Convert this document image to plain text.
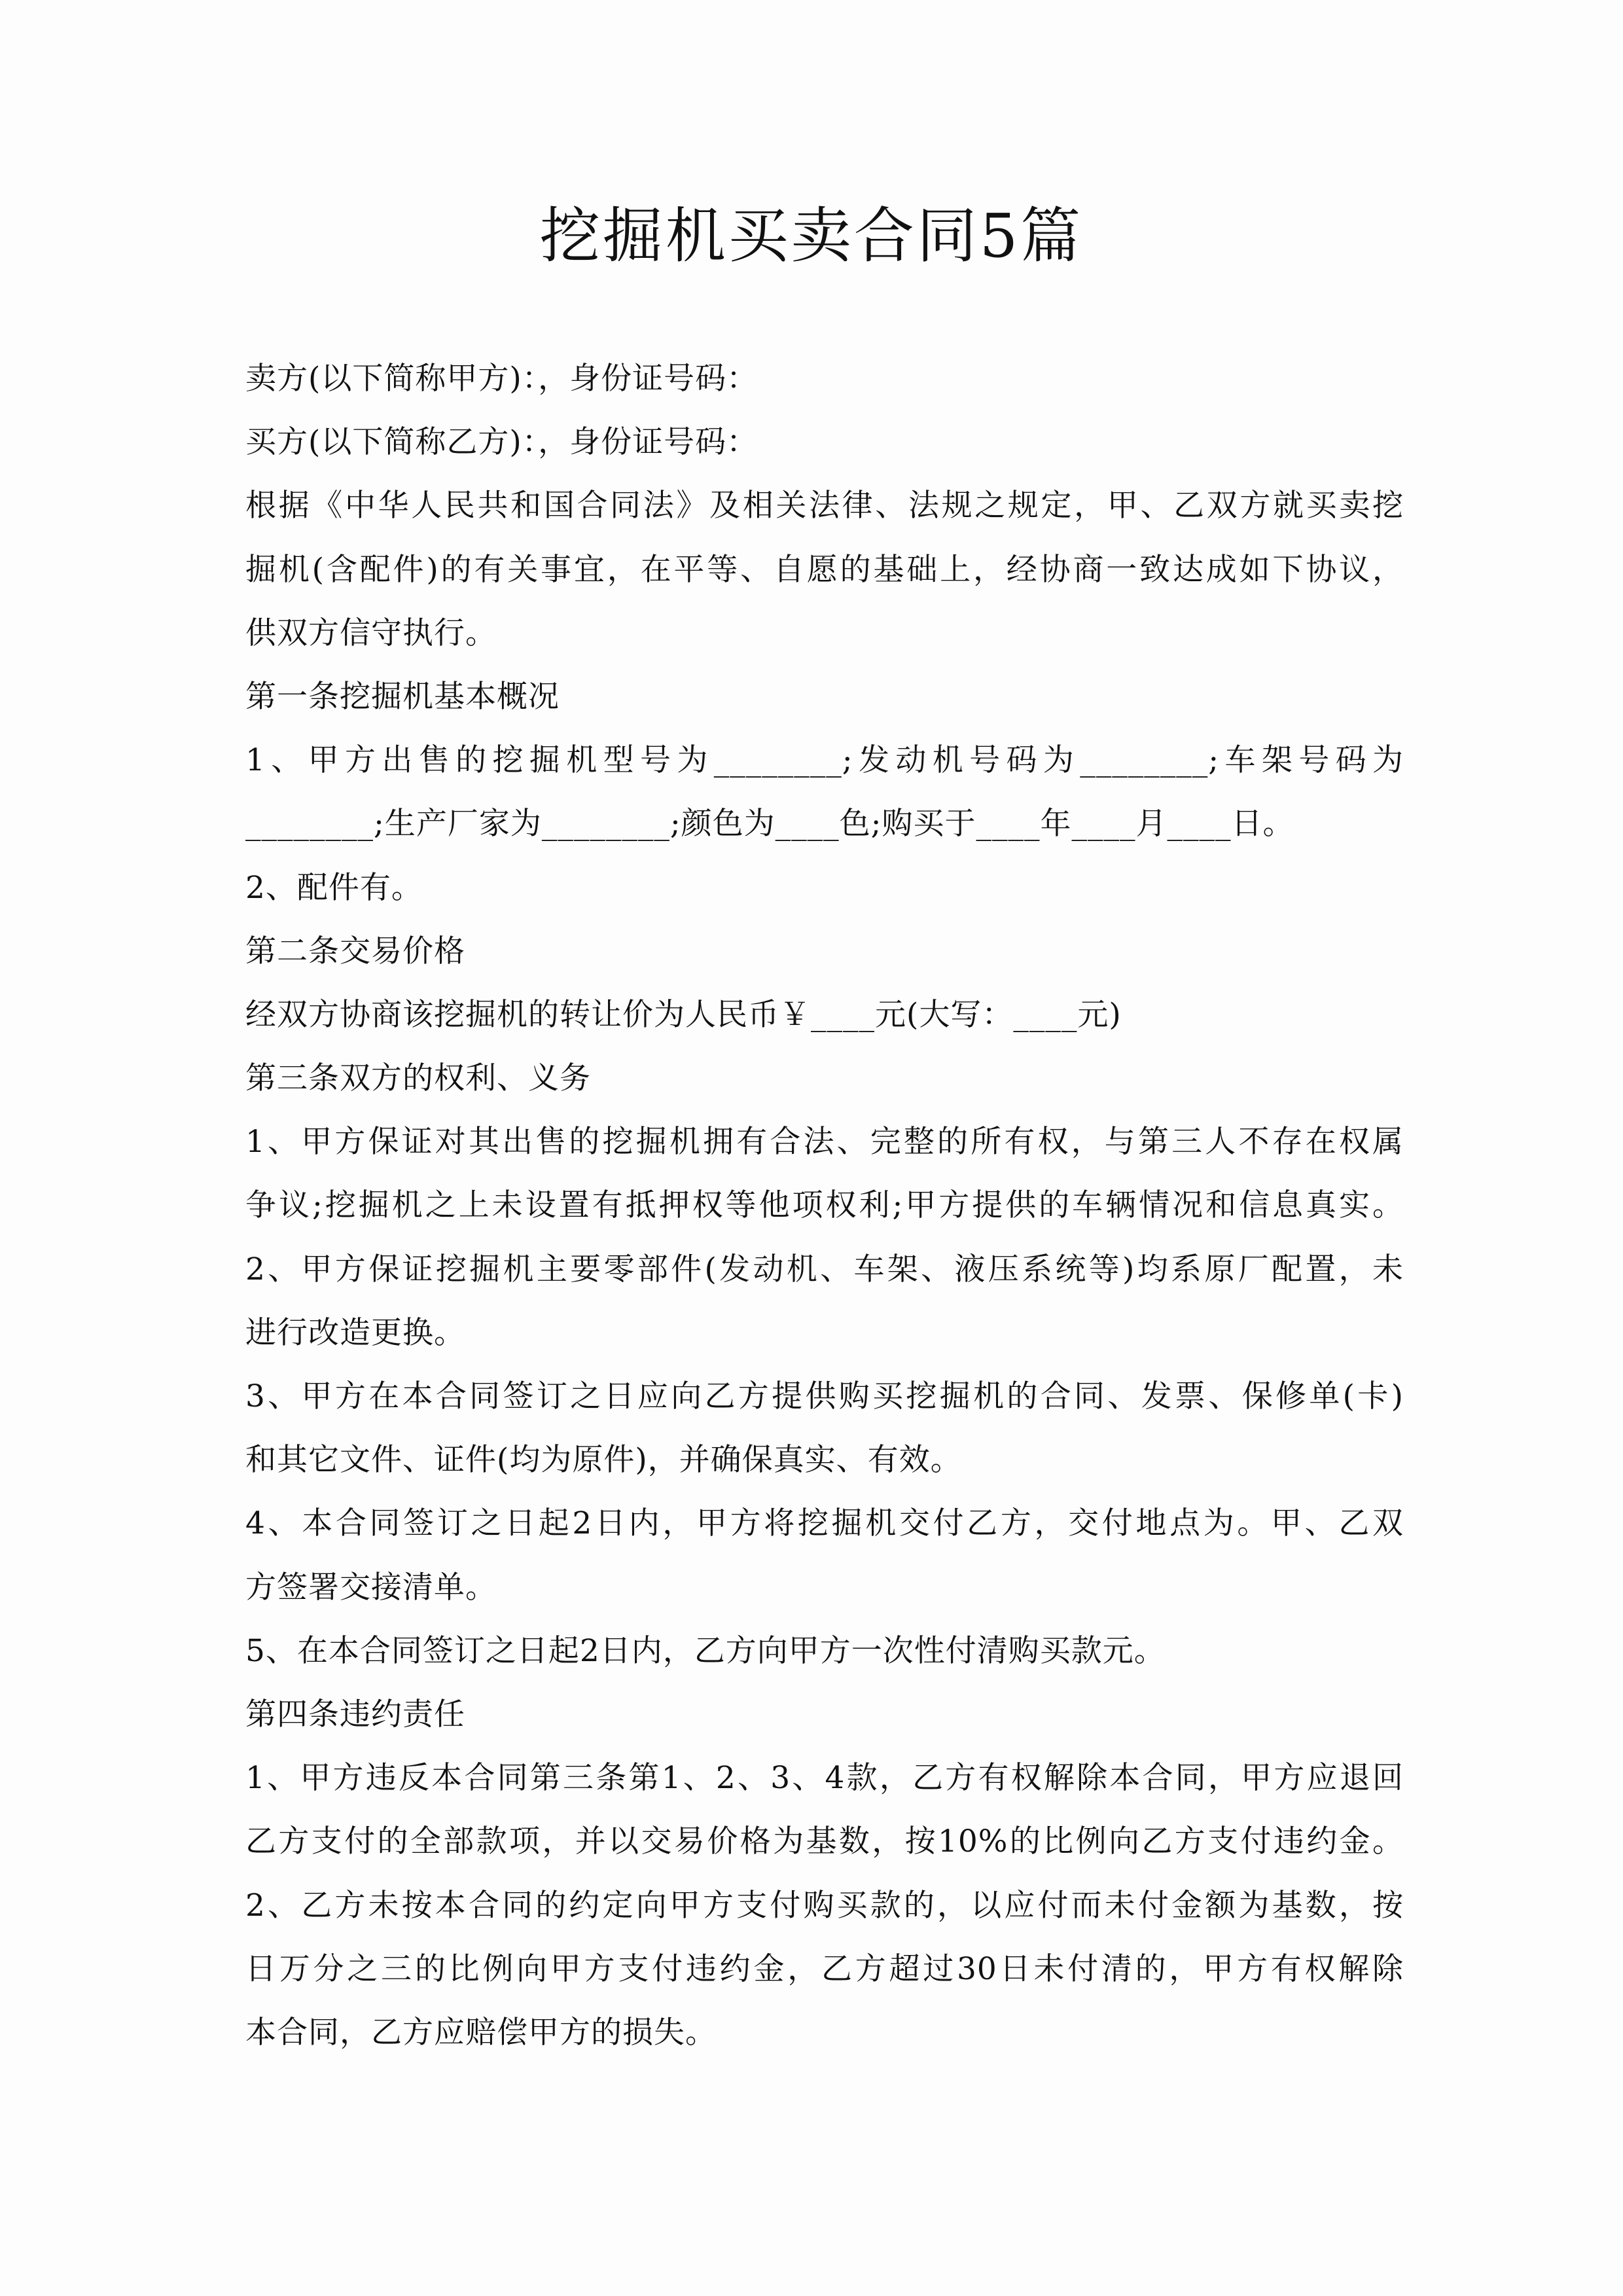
挖掘机买卖合同5篇
卖方(以下简称甲方)：，身份证号码：
买方(以下简称乙方)：，身份证号码：
根据《中华人民共和国合同法》及相关法律、法规之规定，甲、乙双方就买卖挖
掘机(含配件)的有关事宜，在平等、自愿的基础上，经协商一致达成如下协议，
供双方信守执行。
第一条挖掘机基本概况
1、甲方出售的挖掘机型号为________;发动机号码为________;车架号码为
________;生产厂家为________;颜色为____色;购买于____年____月____日。
2、配件有。
第二条交易价格
经双方协商该挖掘机的转让价为人民币￥____元(大写：____元)
第三条双方的权利、义务
1、甲方保证对其出售的挖掘机拥有合法、完整的所有权，与第三人不存在权属
争议;挖掘机之上未设置有抵押权等他项权利;甲方提供的车辆情况和信息真实。
2、甲方保证挖掘机主要零部件(发动机、车架、液压系统等)均系原厂配置，未
进行改造更换。
3、甲方在本合同签订之日应向乙方提供购买挖掘机的合同、发票、保修单(卡)
和其它文件、证件(均为原件)，并确保真实、有效。
4、本合同签订之日起2日内，甲方将挖掘机交付乙方，交付地点为。甲、乙双
方签署交接清单。
5、在本合同签订之日起2日内，乙方向甲方一次性付清购买款元。
第四条违约责任
1、甲方违反本合同第三条第1、2、3、4款，乙方有权解除本合同，甲方应退回
乙方支付的全部款项，并以交易价格为基数，按10%的比例向乙方支付违约金。
2、乙方未按本合同的约定向甲方支付购买款的，以应付而未付金额为基数，按
日万分之三的比例向甲方支付违约金，乙方超过30日未付清的，甲方有权解除
本合同，乙方应赔偿甲方的损失。
